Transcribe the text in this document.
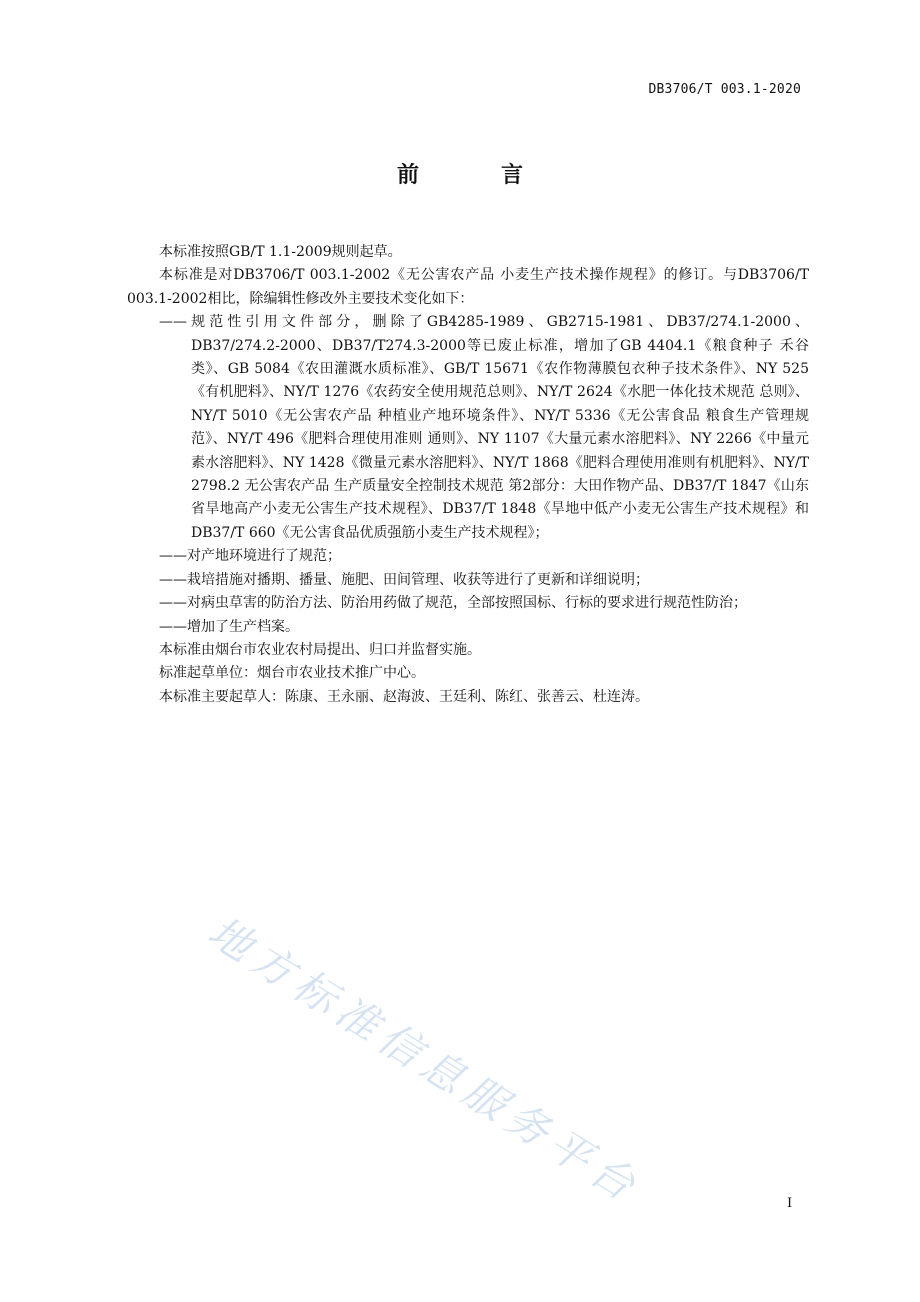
DB3706/T 003.1-2020
前　言

本标准按照GB/T 1.1-2009规则起草。

本标准是对DB3706/T 003.1-2002《无公害农产品 小麦生产技术操作规程》的修订。与DB3706/T 003.1-2002相比，除编辑性修改外主要技术变化如下：

——规范性引用文件部分，删除了GB4285-1989、GB2715-1981、DB37/274.1-2000、DB37/274.2-2000、DB37/T274.3-2000等已废止标准，增加了GB 4404.1《粮食种子 禾谷类》、GB 5084《农田灌溉水质标准》、GB/T 15671《农作物薄膜包衣种子技术条件》、NY 525《有机肥料》、NY/T 1276《农药安全使用规范总则》、NY/T 2624《水肥一体化技术规范 总则》、NY/T 5010《无公害农产品 种植业产地环境条件》、NY/T 5336《无公害食品 粮食生产管理规范》、NY/T 496《肥料合理使用准则 通则》、NY 1107《大量元素水溶肥料》、NY 2266《中量元素水溶肥料》、NY 1428《微量元素水溶肥料》、NY/T 1868《肥料合理使用准则有机肥料》、NY/T 2798.2 无公害农产品 生产质量安全控制技术规范 第2部分：大田作物产品、DB37/T 1847《山东省旱地高产小麦无公害生产技术规程》、DB37/T 1848《旱地中低产小麦无公害生产技术规程》和DB37/T 660《无公害食品优质强筋小麦生产技术规程》；

——对产地环境进行了规范；

——栽培措施对播期、播量、施肥、田间管理、收获等进行了更新和详细说明；

——对病虫草害的防治方法、防治用药做了规范，全部按照国标、行标的要求进行规范性防治；

——增加了生产档案。

本标准由烟台市农业农村局提出、归口并监督实施。

标准起草单位：烟台市农业技术推广中心。

本标准主要起草人：陈康、王永丽、赵海波、王廷利、陈红、张善云、杜连涛。

地方标准信息服务平台	I
